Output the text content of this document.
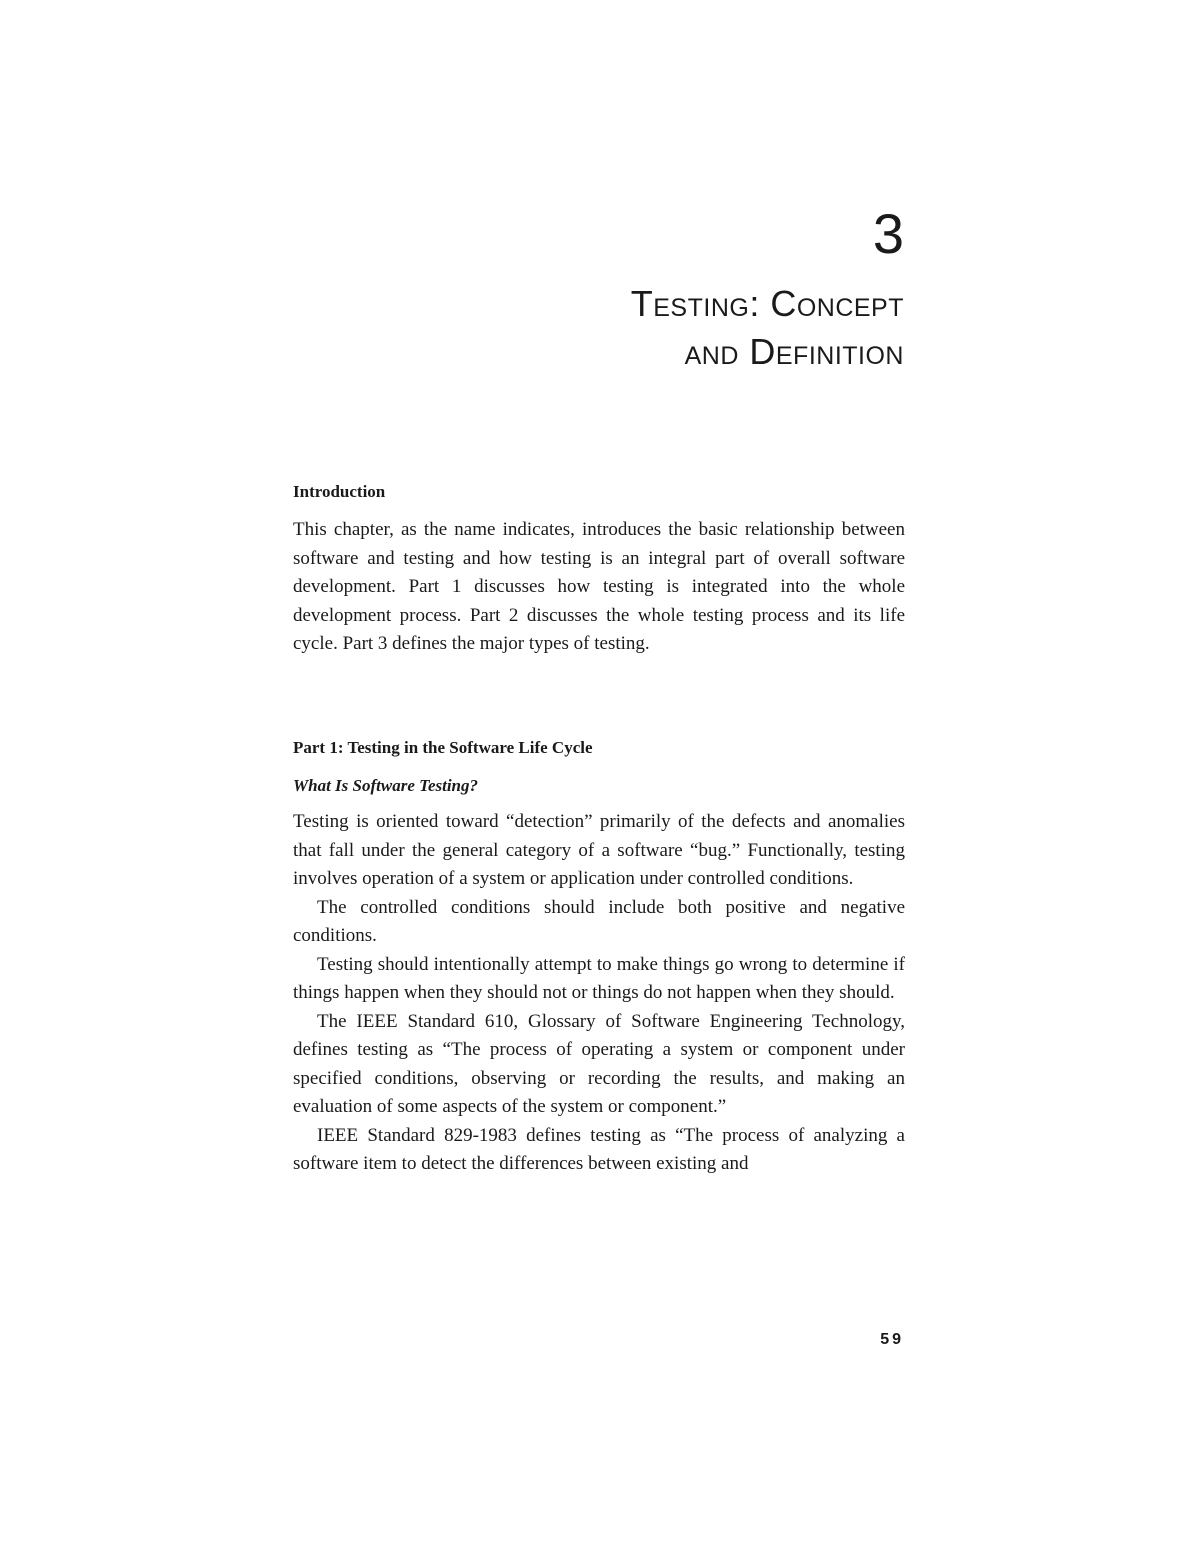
3
Testing: Concept
and Definition
Introduction

This chapter, as the name indicates, introduces the basic relationship between software and testing and how testing is an integral part of overall software development. Part 1 discusses how testing is integrated into the whole development process. Part 2 discusses the whole testing process and its life cycle. Part 3 defines the major types of testing.

Part 1: Testing in the Software Life Cycle
What Is Software Testing?

Testing is oriented toward “detection” primarily of the defects and anomalies that fall under the general category of a software “bug.” Functionally, testing involves operation of a system or application under controlled conditions.

The controlled conditions should include both positive and negative conditions.

Testing should intentionally attempt to make things go wrong to determine if things happen when they should not or things do not happen when they should.

The IEEE Standard 610, Glossary of Software Engineering Technology, defines testing as “The process of operating a system or component under specified conditions, observing or recording the results, and making an evaluation of some aspects of the system or component.”

IEEE Standard 829-1983 defines testing as “The process of analyzing a software item to detect the differences between existing and

59
